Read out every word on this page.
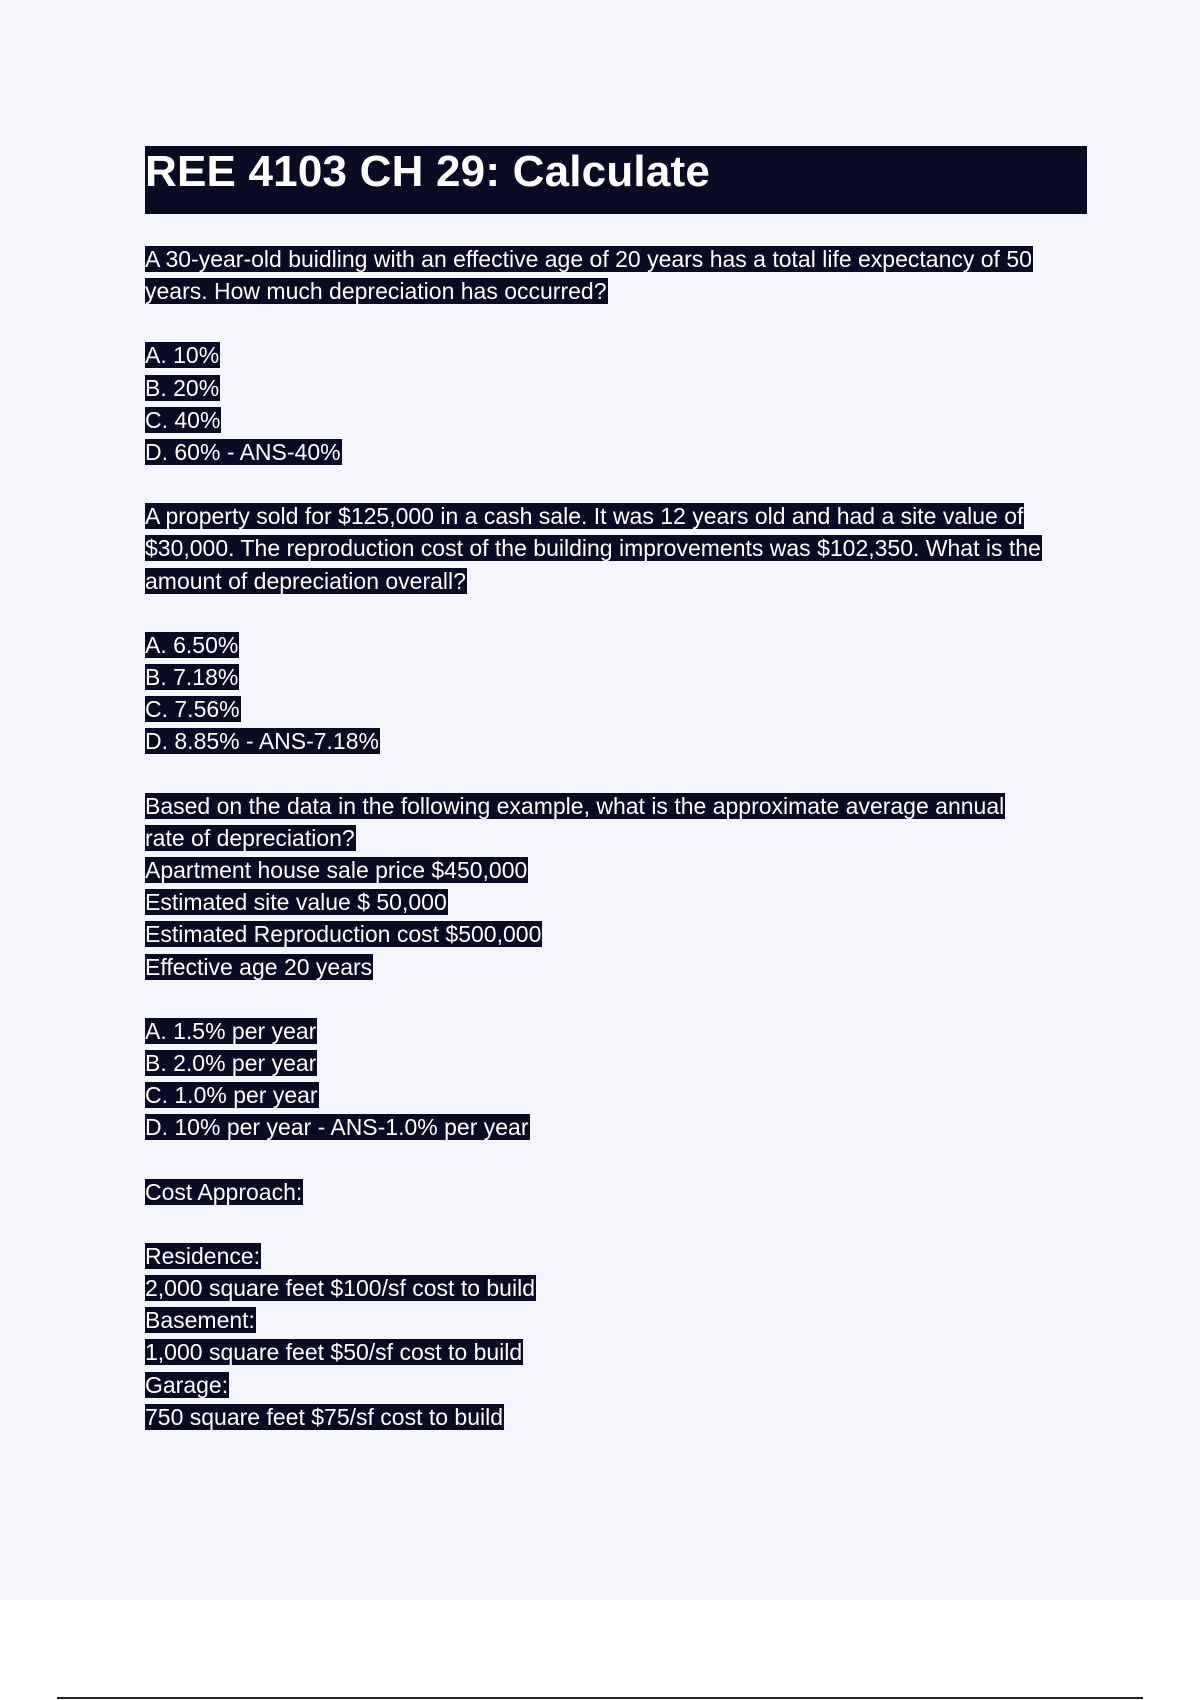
REE 4103 CH 29: Calculate
A 30-year-old buidling with an effective age of 20 years has a total life expectancy of 50
years. How much depreciation has occurred?
A. 10%
B. 20%
C. 40%
D. 60% - ANS-40%
A property sold for $125,000 in a cash sale. It was 12 years old and had a site value of
$30,000. The reproduction cost of the building improvements was $102,350. What is the
amount of depreciation overall?
A. 6.50%
B. 7.18%
C. 7.56%
D. 8.85% - ANS-7.18%
Based on the data in the following example, what is the approximate average annual
rate of depreciation?
Apartment house sale price $450,000
Estimated site value $ 50,000
Estimated Reproduction cost $500,000
Effective age 20 years
A. 1.5% per year
B. 2.0% per year
C. 1.0% per year
D. 10% per year - ANS-1.0% per year
Cost Approach:
Residence:
2,000 square feet $100/sf cost to build
Basement:
1,000 square feet $50/sf cost to build
Garage:
750 square feet $75/sf cost to build
